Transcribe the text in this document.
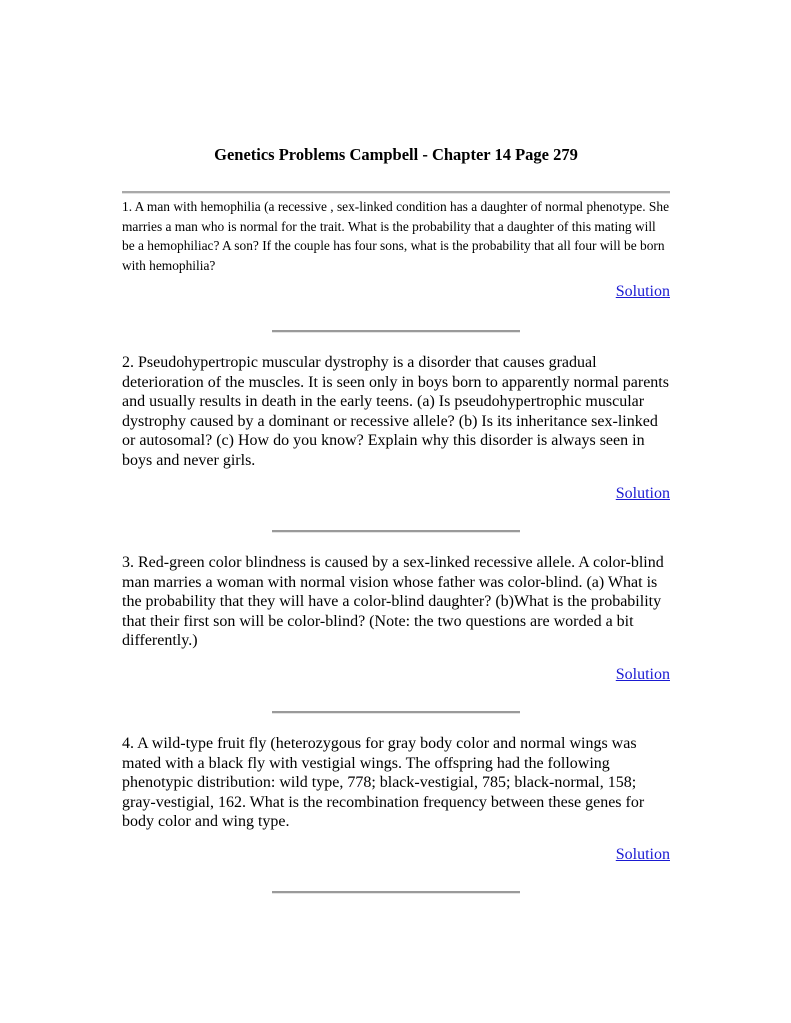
Genetics Problems Campbell - Chapter 14 Page 279

1. A man with hemophilia (a recessive , sex-linked condition has a daughter of normal phenotype. She marries a man who is normal for the trait. What is the probability that a daughter of this mating will be a hemophiliac? A son? If the couple has four sons, what is the probability that all four will be born with hemophilia?

Solution

2. Pseudohypertropic muscular dystrophy is a disorder that causes gradual deterioration of the muscles. It is seen only in boys born to apparently normal parents and usually results in death in the early teens. (a) Is pseudohypertrophic muscular dystrophy caused by a dominant or recessive allele? (b) Is its inheritance sex-linked or autosomal? (c) How do you know? Explain why this disorder is always seen in boys and never girls.

Solution

3. Red-green color blindness is caused by a sex-linked recessive allele. A color-blind man marries a woman with normal vision whose father was color-blind. (a) What is the probability that they will have a color-blind daughter? (b)What is the probability that their first son will be color-blind? (Note: the two questions are worded a bit differently.)

Solution

4. A wild-type fruit fly (heterozygous for gray body color and normal wings was mated with a black fly with vestigial wings. The offspring had the following phenotypic distribution: wild type, 778; black-vestigial, 785; black-normal, 158; gray-vestigial, 162. What is the recombination frequency between these genes for body color and wing type.

Solution
